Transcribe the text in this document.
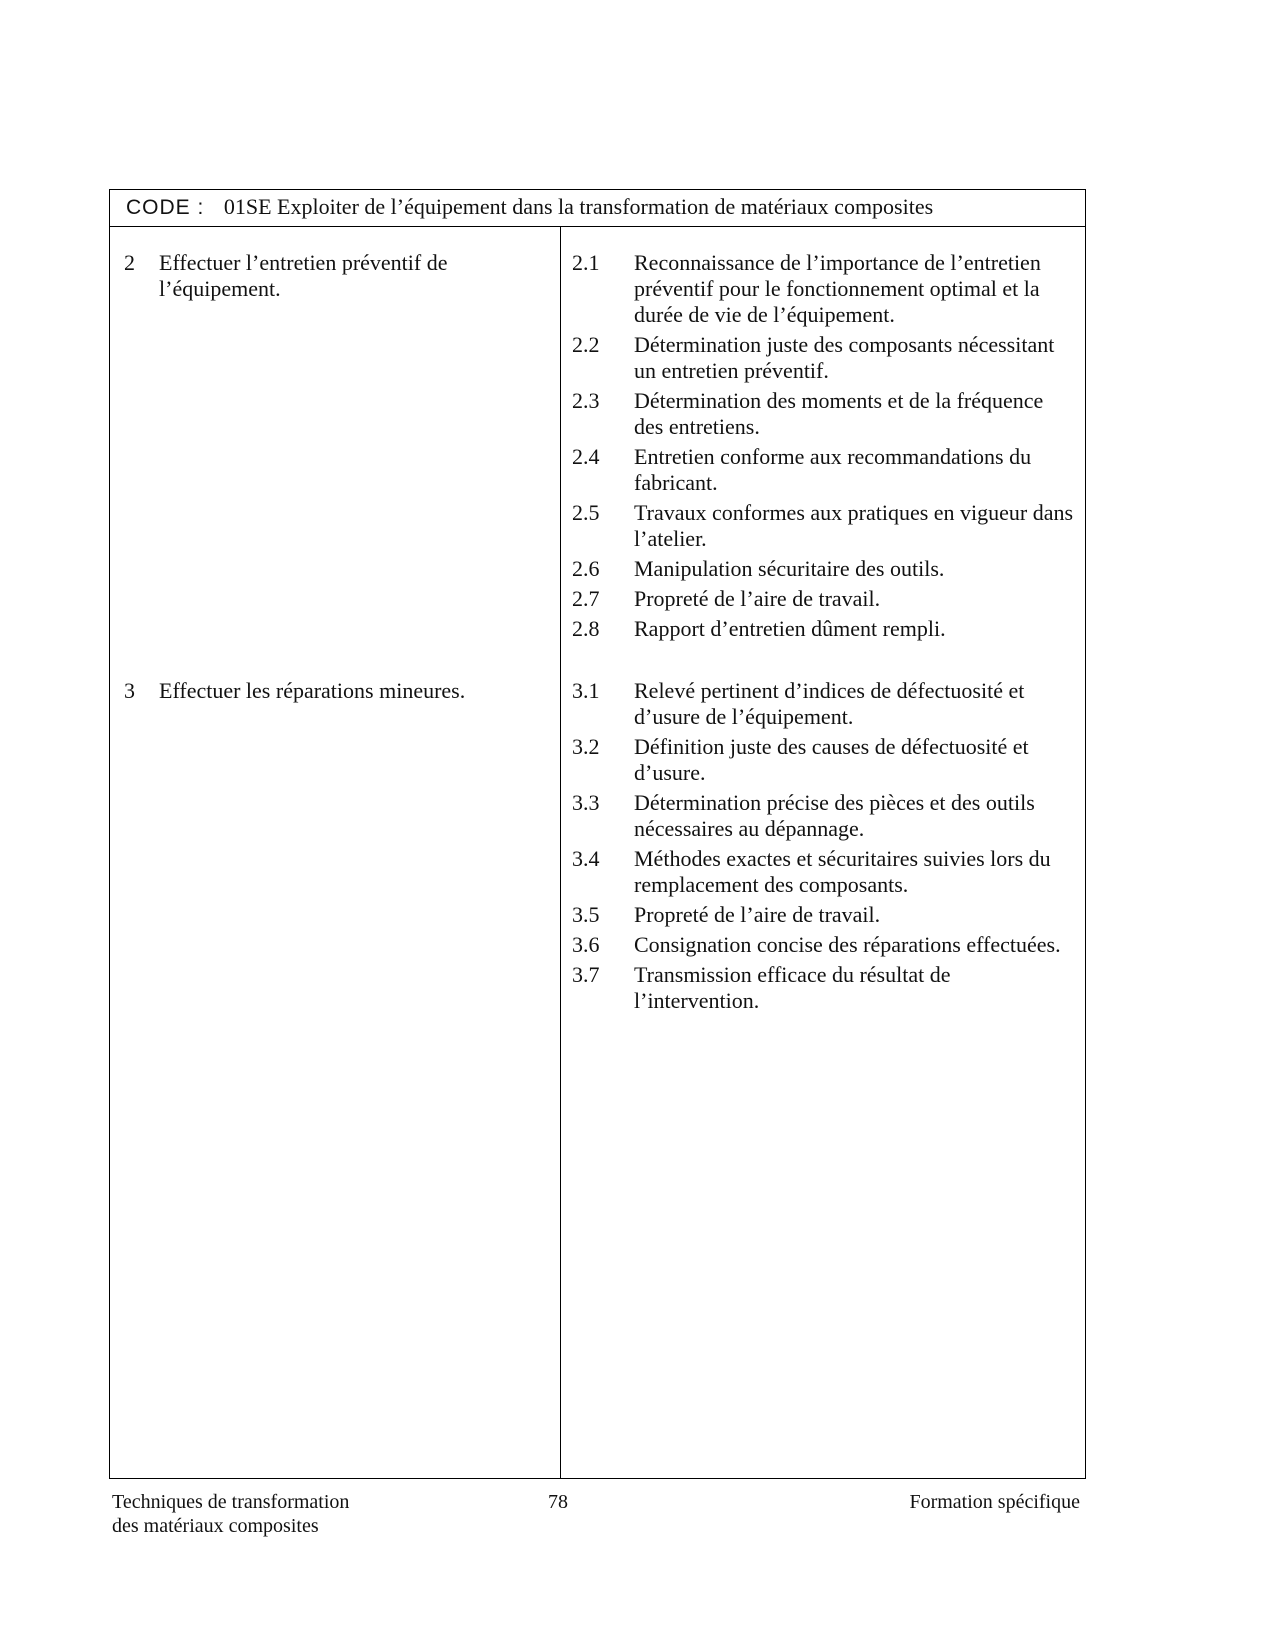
CODE : 01SE Exploiter de l’équipement dans la transformation de matériaux composites
2 Effectuer l’entretien préventif de l’équipement.
2.1 Reconnaissance de l’importance de l’entretien préventif pour le fonctionnement optimal et la durée de vie de l’équipement.
2.2 Détermination juste des composants nécessitant un entretien préventif.
2.3 Détermination des moments et de la fréquence des entretiens.
2.4 Entretien conforme aux recommandations du fabricant.
2.5 Travaux conformes aux pratiques en vigueur dans l’atelier.
2.6 Manipulation sécuritaire des outils.
2.7 Propreté de l’aire de travail.
2.8 Rapport d’entretien dûment rempli.
3 Effectuer les réparations mineures.	3.1 Relevé pertinent d’indices de défectuosité et d’usure de l’équipement.
3.2 Définition juste des causes de défectuosité et d’usure.
3.3 Détermination précise des pièces et des outils nécessaires au dépannage.
3.4 Méthodes exactes et sécuritaires suivies lors du remplacement des composants.
3.5 Propreté de l’aire de travail.
3.6 Consignation concise des réparations effectuées.
3.7 Transmission efficace du résultat de l’intervention.
Techniques de transformation
des matériaux composites
78	Formation spécifique
